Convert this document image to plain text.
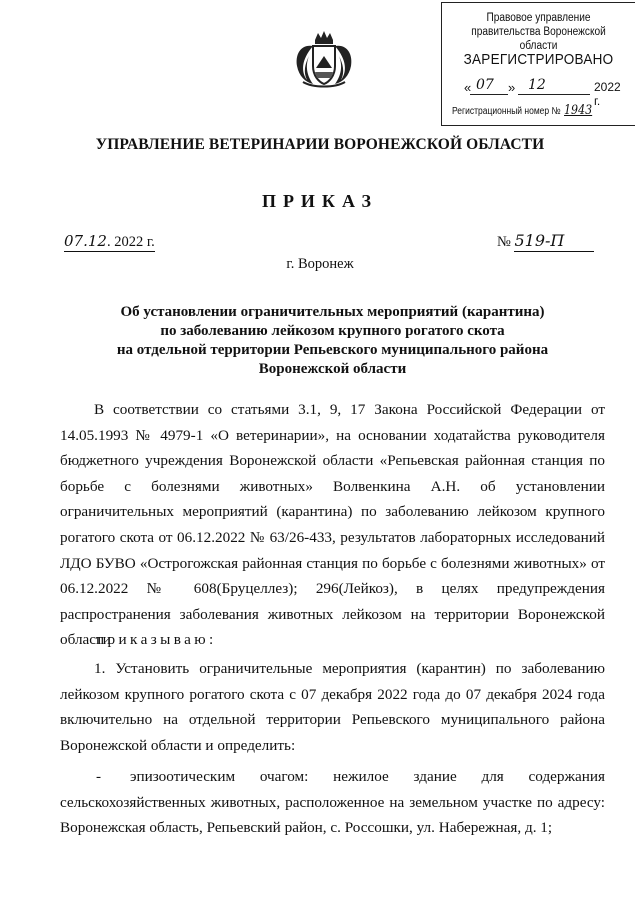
Правовое управление правительства Воронежской области
ЗАРЕГИСТРИРОВАНО
« 07 » 12	2022 г.
Регистрационный номер № 1943
УПРАВЛЕНИЕ ВЕТЕРИНАРИИ ВОРОНЕЖСКОЙ ОБЛАСТИ
ПРИКАЗ
07.12. 2022 г.	№ 519-П
г. Воронеж
Об установлении ограничительных мероприятий (карантина)
по заболеванию лейкозом крупного рогатого скота
на отдельной территории Репьевского муниципального района
Воронежской области
В соответствии со статьями 3.1, 9, 17 Закона Российской Федерации от 14.05.1993 № 4979-1 «О ветеринарии», на основании ходатайства руководителя бюджетного учреждения Воронежской области «Репьевская районная станция по борьбе с болезнями животных» Волвенкина А.Н. об установлении ограничительных мероприятий (карантина) по заболеванию лейкозом крупного рогатого скота от 06.12.2022 № 63/26-433, результатов лабораторных исследований ЛДО БУВО «Острогожская районная станция по борьбе с болезнями животных» от 06.12.2022 № 608(Бруцеллез); 296(Лейкоз), в целях предупреждения распространения заболевания животных лейкозом на территории Воронежской области
приказываю:
1. Установить ограничительные мероприятия (карантин) по заболеванию лейкозом крупного рогатого скота с 07 декабря 2022 года до 07 декабря 2024 года включительно на отдельной территории Репьевского муниципального района Воронежской области и определить:
- эпизоотическим очагом: нежилое здание для содержания сельскохозяйственных животных, расположенное на земельном участке по адресу: Воронежская область, Репьевский район, с. Россошки, ул. Набережная, д. 1;
